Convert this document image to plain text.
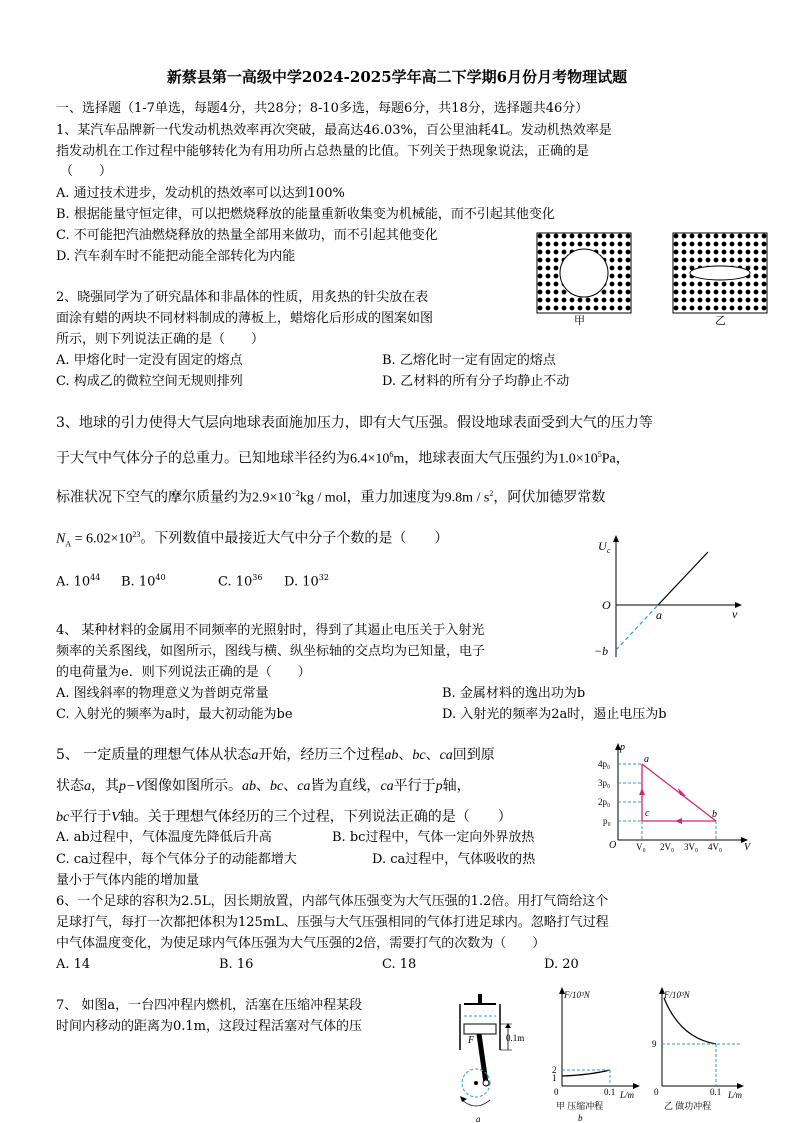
新蔡县第一高级中学2024-2025学年高二下学期6月份月考物理试题
一、选择题（1-7单选，每题4分，共28分；8-10多选，每题6分，共18分，选择题共46分）
1、某汽车品牌新一代发动机热效率再次突破，最高达46.03%，百公里油耗4L。发动机热效率是
指发动机在工作过程中能够转化为有用功所占总热量的比值。下列关于热现象说法，正确的是
（　　）
A. 通过技术进步，发动机的热效率可以达到100%
B. 根据能量守恒定律，可以把燃烧释放的能量重新收集变为机械能，而不引起其他变化
C. 不可能把汽油燃烧释放的热量全部用来做功，而不引起其他变化
D. 汽车刹车时不能把动能全部转化为内能
甲	乙
2、晓强同学为了研究晶体和非晶体的性质，用炙热的针尖放在表
面涂有蜡的两块不同材料制成的薄板上，蜡熔化后形成的图案如图
所示，则下列说法正确的是（　　）
A. 甲熔化时一定没有固定的熔点	B. 乙熔化时一定有固定的熔点
C. 构成乙的微粒空间无规则排列	D. 乙材料的所有分子均静止不动
3、地球的引力使得大气层向地球表面施加压力，即有大气压强。假设地球表面受到大气的压力等
于大气中气体分子的总重力。已知地球半径约为$6.4\times 10^6m$，地球表面大气压强约为$1.0\times 10^5Pa$，
标准状况下空气的摩尔质量约为$2.9\times 10^{-2}kg$ / mol，重力加速度为$9.8m / s^2$，阿伏加德罗常数
$N_A = 6.02\times 10^{23}$。下列数值中最接近大气中分子个数的是（　　）
A. $10^{44}$ B. $10^{40}$	C. $10^{36}$ D. $10^{32}$
U c
O
a
−b
ν
4、 某种材料的金属用不同频率的光照射时，得到了其遏止电压关于入射光
频率的关系图线，如图所示，图线与横、纵坐标轴的交点均为已知量，电子
的电荷量为e．则下列说法正确的是（　　）
A. 图线斜率的物理意义为普朗克常量	B. 金属材料的逸出功为b
C. 入射光的频率为a时，最大初动能为be	D. 入射光的频率为2a时，遏止电压为b
p
4p₀
3p₀
2p₀
p₀
O V₀ 2V₀ 3V₀ 4V₀ V
a
b
c
5、 一定质量的理想气体从状态a开始，经历三个过程ab、bc、ca回到原
状态a，其p−V图像如图所示。ab、bc、ca皆为直线，ca平行于p轴，
bc平行于V轴。关于理想气体经历的三个过程，下列说法正确的是（　　）
A. ab过程中，气体温度先降低后升高	B. bc过程中，气体一定向外界放热
C. ca过程中，每个气体分子的动能都增大	D. ca过程中，气体吸收的热
量小于气体内能的增加量
6、一个足球的容积为2.5L，因长期放置，内部气体压强变为大气压强的1.2倍。用打气筒给这个
足球打气，每打一次都把体积为125mL、压强与大气压强相同的气体打进足球内。忽略打气过程
中气体温度变化，为使足球内气体压强为大气压强的2倍，需要打气的次数为（　　）
A. 14	B. 16	C. 18	D. 20
7、 如图a，一台四冲程内燃机，活塞在压缩冲程某段
时间内移动的距离为0.1m，这段过程活塞对气体的压
F	0.1m
a
F/10³N
2
1
0	0.1 L/m
甲 压缩冲程
b
F/10³N
9
0	0.1 L/m
乙 做功冲程
